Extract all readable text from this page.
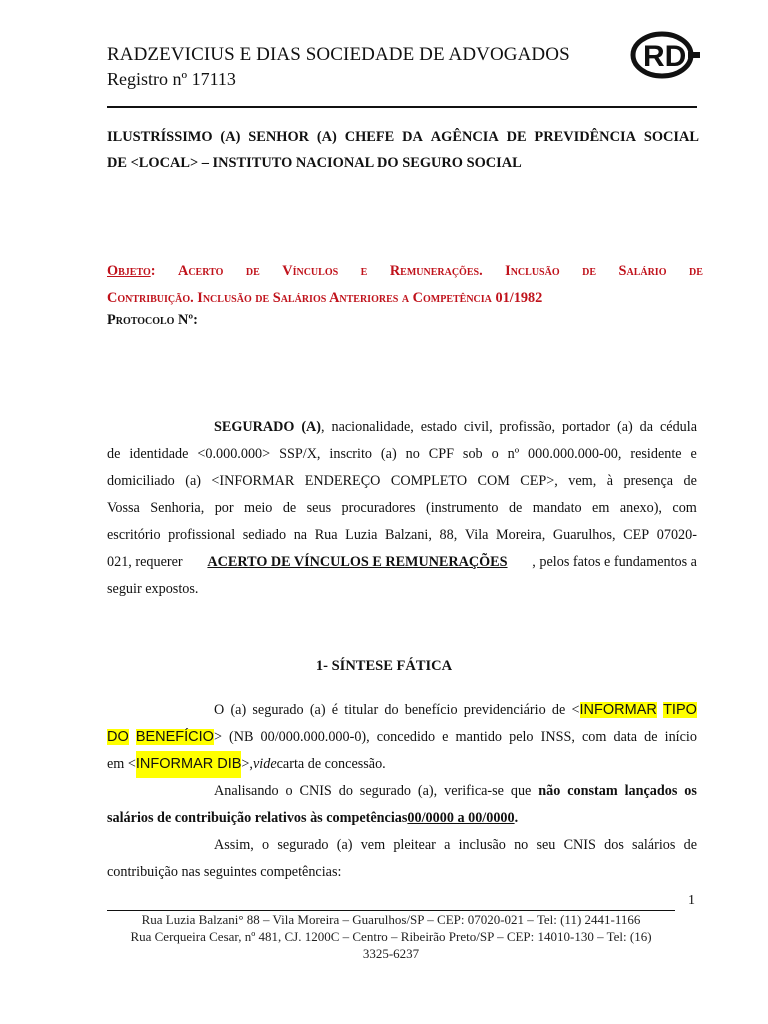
RADZEVICIUS E DIAS SOCIEDADE DE ADVOGADOS
Registro nº 17113
RD
ILUSTRÍSSIMO (A) SENHOR (A) CHEFE DA AGÊNCIA DE PREVIDÊNCIA SOCIAL
DE <LOCAL> – INSTITUTO NACIONAL DO SEGURO SOCIAL
Objeto: Acerto de Vínculos e Remunerações. Inclusão de Salário de
Contribuição. Inclusão de Salários Anteriores a Competência 01/1982
Protocolo Nº:
SEGURADO (A), nacionalidade, estado civil, profissão, portador (a) da cédula
de identidade <0.000.000> SSP/X, inscrito (a) no CPF sob o nº 000.000.000-00, residente e
domiciliado (a) <INFORMAR ENDEREÇO COMPLETO COM CEP>, vem, à presença de
Vossa Senhoria, por meio de seus procuradores (instrumento de mandato em anexo), com
escritório profissional sediado na Rua Luzia Balzani, 88, Vila Moreira, Guarulhos, CEP 07020-
021, requerer ACERTO DE VÍNCULOS E REMUNERAÇÕES , pelos fatos e fundamentos a
seguir expostos.
1- SÍNTESE FÁTICA
O (a) segurado (a) é titular do benefício previdenciário de <INFORMAR TIPO
DO BENEFÍCIO> (NB 00/000.000.000-0), concedido e mantido pelo INSS, com data de início
em < INFORMAR DIB >, vide carta de concessão.
Analisando o CNIS do segurado (a), verifica-se que não constam lançados os
salários de contribuição relativos às competências 00/0000 a 00/0000 .
Assim, o segurado (a) vem pleitear a inclusão no seu CNIS dos salários de
contribuição nas seguintes competências:
1
Rua Luzia Balzani° 88 – Vila Moreira – Guarulhos/SP – CEP: 07020-021 – Tel: (11) 2441-1166
Rua Cerqueira Cesar, nº 481, CJ. 1200C – Centro – Ribeirão Preto/SP – CEP: 14010-130 – Tel: (16)
3325-6237
